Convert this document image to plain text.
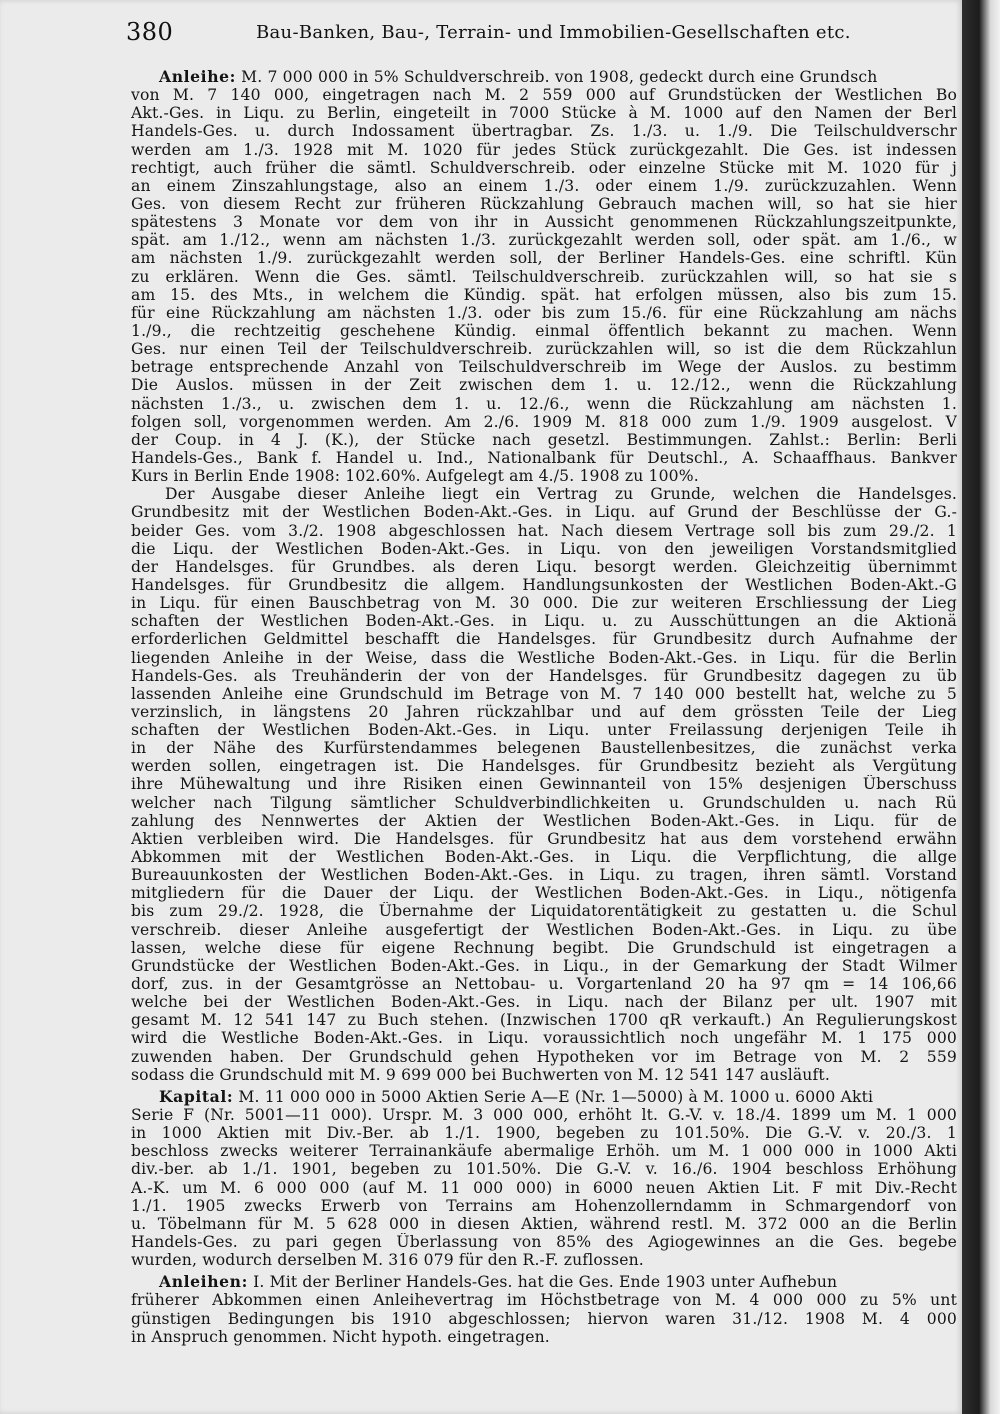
380	Bau-Banken, Bau-, Terrain- und Immobilien-Gesellschaften etc.
Anleihe: M. 7 000 000 in 5% Schuldverschreib. von 1908, gedeckt durch eine Grundsch
von M. 7 140 000, eingetragen nach M. 2 559 000 auf Grundstücken der Westlichen Bo
Akt.-Ges. in Liqu. zu Berlin, eingeteilt in 7000 Stücke à M. 1000 auf den Namen der Berl
Handels-Ges. u. durch Indossament übertragbar. Zs. 1./3. u. 1./9. Die Teilschuldverschr
werden am 1./3. 1928 mit M. 1020 für jedes Stück zurückgezahlt. Die Ges. ist indessen
rechtigt, auch früher die sämtl. Schuldverschreib. oder einzelne Stücke mit M. 1020 für j
an einem Zinszahlungstage, also an einem 1./3. oder einem 1./9. zurückzuzahlen. Wenn
Ges. von diesem Recht zur früheren Rückzahlung Gebrauch machen will, so hat sie hier
spätestens 3 Monate vor dem von ihr in Aussicht genommenen Rückzahlungszeitpunkte,
spät. am 1./12., wenn am nächsten 1./3. zurückgezahlt werden soll, oder spät. am 1./6., w
am nächsten 1./9. zurückgezahlt werden soll, der Berliner Handels-Ges. eine schriftl. Kün
zu erklären. Wenn die Ges. sämtl. Teilschuldverschreib. zurückzahlen will, so hat sie s
am 15. des Mts., in welchem die Kündig. spät. hat erfolgen müssen, also bis zum 15.
für eine Rückzahlung am nächsten 1./3. oder bis zum 15./6. für eine Rückzahlung am nächs
1./9., die rechtzeitig geschehene Kündig. einmal öffentlich bekannt zu machen. Wenn
Ges. nur einen Teil der Teilschuldverschreib. zurückzahlen will, so ist die dem Rückzahlun
betrage entsprechende Anzahl von Teilschuldverschreib im Wege der Auslos. zu bestimm
Die Auslos. müssen in der Zeit zwischen dem 1. u. 12./12., wenn die Rückzahlung
nächsten 1./3., u. zwischen dem 1. u. 12./6., wenn die Rückzahlung am nächsten 1.
folgen soll, vorgenommen werden. Am 2./6. 1909 M. 818 000 zum 1./9. 1909 ausgelost. V
der Coup. in 4 J. (K.), der Stücke nach gesetzl. Bestimmungen. Zahlst.: Berlin: Berli
Handels-Ges., Bank f. Handel u. Ind., Nationalbank für Deutschl., A. Schaaffhaus. Bankver
Kurs in Berlin Ende 1908: 102.60%. Aufgelegt am 4./5. 1908 zu 100%.
Der Ausgabe dieser Anleihe liegt ein Vertrag zu Grunde, welchen die Handelsges.
Grundbesitz mit der Westlichen Boden-Akt.-Ges. in Liqu. auf Grund der Beschlüsse der G.-
beider Ges. vom 3./2. 1908 abgeschlossen hat. Nach diesem Vertrage soll bis zum 29./2. 1
die Liqu. der Westlichen Boden-Akt.-Ges. in Liqu. von den jeweiligen Vorstandsmitglied
der Handelsges. für Grundbes. als deren Liqu. besorgt werden. Gleichzeitig übernimmt
Handelsges. für Grundbesitz die allgem. Handlungsunkosten der Westlichen Boden-Akt.-G
in Liqu. für einen Bauschbetrag von M. 30 000. Die zur weiteren Erschliessung der Lieg
schaften der Westlichen Boden-Akt.-Ges. in Liqu. u. zu Ausschüttungen an die Aktionä
erforderlichen Geldmittel beschafft die Handelsges. für Grundbesitz durch Aufnahme der
liegenden Anleihe in der Weise, dass die Westliche Boden-Akt.-Ges. in Liqu. für die Berlin
Handels-Ges. als Treuhänderin der von der Handelsges. für Grundbesitz dagegen zu üb
lassenden Anleihe eine Grundschuld im Betrage von M. 7 140 000 bestellt hat, welche zu 5
verzinslich, in längstens 20 Jahren rückzahlbar und auf dem grössten Teile der Lieg
schaften der Westlichen Boden-Akt.-Ges. in Liqu. unter Freilassung derjenigen Teile ih
in der Nähe des Kurfürstendammes belegenen Baustellenbesitzes, die zunächst verka
werden sollen, eingetragen ist. Die Handelsges. für Grundbesitz bezieht als Vergütung
ihre Mühewaltung und ihre Risiken einen Gewinnanteil von 15% desjenigen Überschuss
welcher nach Tilgung sämtlicher Schuldverbindlichkeiten u. Grundschulden u. nach Rü
zahlung des Nennwertes der Aktien der Westlichen Boden-Akt.-Ges. in Liqu. für de
Aktien verbleiben wird. Die Handelsges. für Grundbesitz hat aus dem vorstehend erwähn
Abkommen mit der Westlichen Boden-Akt.-Ges. in Liqu. die Verpflichtung, die allge
Bureauunkosten der Westlichen Boden-Akt.-Ges. in Liqu. zu tragen, ihren sämtl. Vorstand
mitgliedern für die Dauer der Liqu. der Westlichen Boden-Akt.-Ges. in Liqu., nötigenfa
bis zum 29./2. 1928, die Übernahme der Liquidatorentätigkeit zu gestatten u. die Schul
verschreib. dieser Anleihe ausgefertigt der Westlichen Boden-Akt.-Ges. in Liqu. zu übe
lassen, welche diese für eigene Rechnung begibt. Die Grundschuld ist eingetragen a
Grundstücke der Westlichen Boden-Akt.-Ges. in Liqu., in der Gemarkung der Stadt Wilmer
dorf, zus. in der Gesamtgrösse an Nettobau- u. Vorgartenland 20 ha 97 qm = 14 106,66
welche bei der Westlichen Boden-Akt.-Ges. in Liqu. nach der Bilanz per ult. 1907 mit
gesamt M. 12 541 147 zu Buch stehen. (Inzwischen 1700 qR verkauft.) An Regulierungskost
wird die Westliche Boden-Akt.-Ges. in Liqu. voraussichtlich noch ungefähr M. 1 175 000
zuwenden haben. Der Grundschuld gehen Hypotheken vor im Betrage von M. 2 559
sodass die Grundschuld mit M. 9 699 000 bei Buchwerten von M. 12 541 147 ausläuft.
Kapital: M. 11 000 000 in 5000 Aktien Serie A—E (Nr. 1—5000) à M. 1000 u. 6000 Akti
Serie F (Nr. 5001—11 000). Urspr. M. 3 000 000, erhöht lt. G.-V. v. 18./4. 1899 um M. 1 000
in 1000 Aktien mit Div.-Ber. ab 1./1. 1900, begeben zu 101.50%. Die G.-V. v. 20./3. 1
beschloss zwecks weiterer Terrainankäufe abermalige Erhöh. um M. 1 000 000 in 1000 Akti
div.-ber. ab 1./1. 1901, begeben zu 101.50%. Die G.-V. v. 16./6. 1904 beschloss Erhöhung
A.-K. um M. 6 000 000 (auf M. 11 000 000) in 6000 neuen Aktien Lit. F mit Div.-Recht
1./1. 1905 zwecks Erwerb von Terrains am Hohenzollerndamm in Schmargendorf von
u. Töbelmann für M. 5 628 000 in diesen Aktien, während restl. M. 372 000 an die Berlin
Handels-Ges. zu pari gegen Überlassung von 85% des Agiogewinnes an die Ges. begebe
wurden, wodurch derselben M. 316 079 für den R.-F. zuflossen.
Anleihen: I. Mit der Berliner Handels-Ges. hat die Ges. Ende 1903 unter Aufhebun
früherer Abkommen einen Anleihevertrag im Höchstbetrage von M. 4 000 000 zu 5% unt
günstigen Bedingungen bis 1910 abgeschlossen; hiervon waren 31./12. 1908 M. 4 000
in Anspruch genommen. Nicht hypoth. eingetragen.
